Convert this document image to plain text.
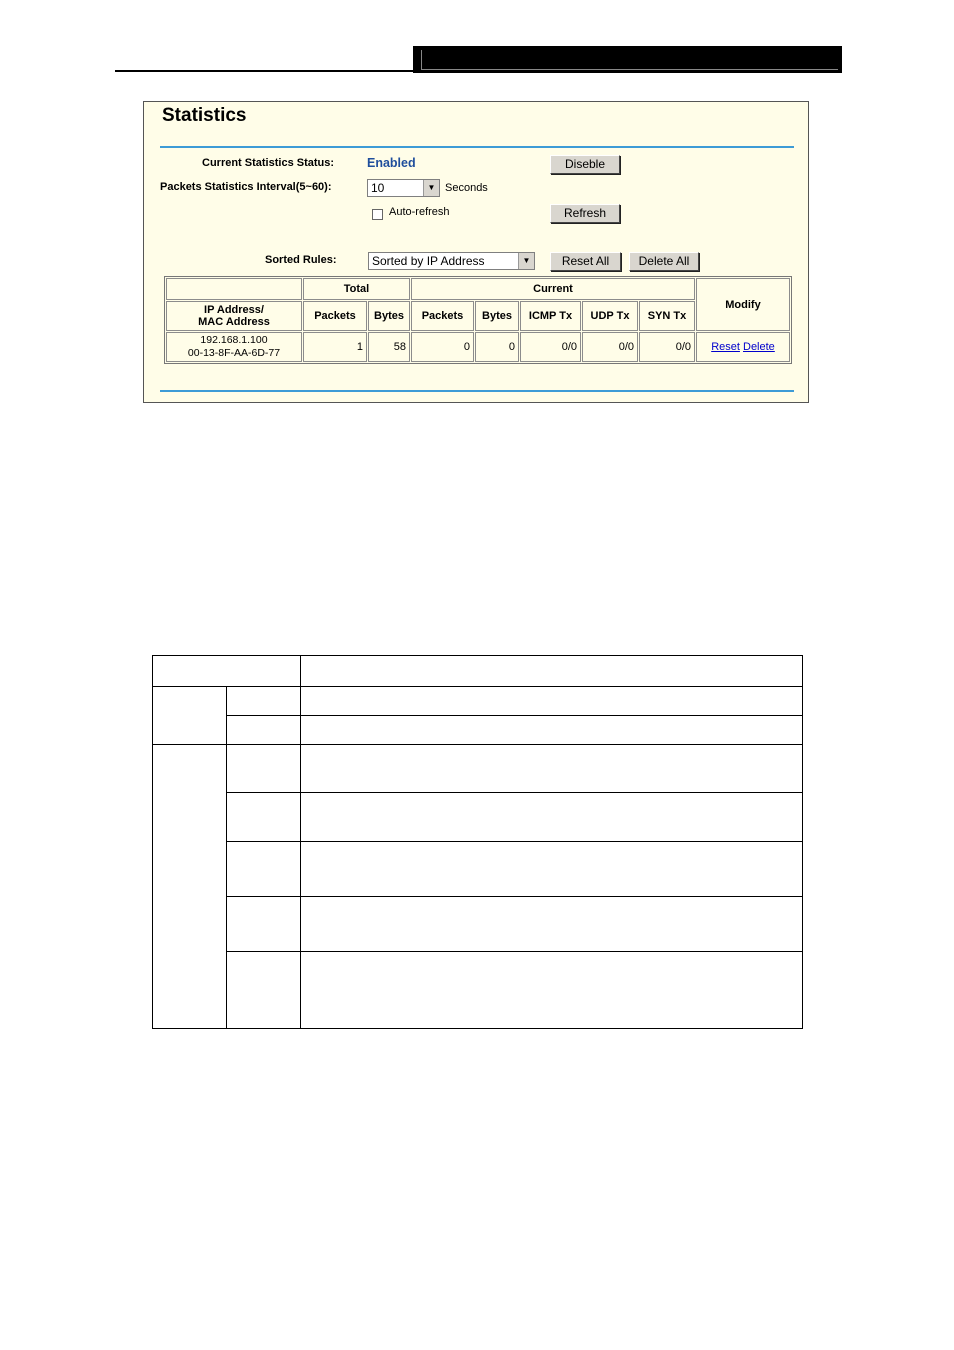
Statistics
Current Statistics Status:	Enabled	Diseble
Packets Statistics Interval(5~60):	10	▼ Seconds
Auto-refresh	Refresh
Sorted Rules:	Sorted by IP Address	▼	Reset All	Delete All
	Total		Current					Modify

IP Address/
MAC Address	Packets	Bytes	Packets	Bytes	ICMP Tx	UDP Tx	SYN Tx	

192.168.1.100
00-13-8F-AA-6D-77	1	58	0	0	0/0	0/0	0/0	Reset Delete
